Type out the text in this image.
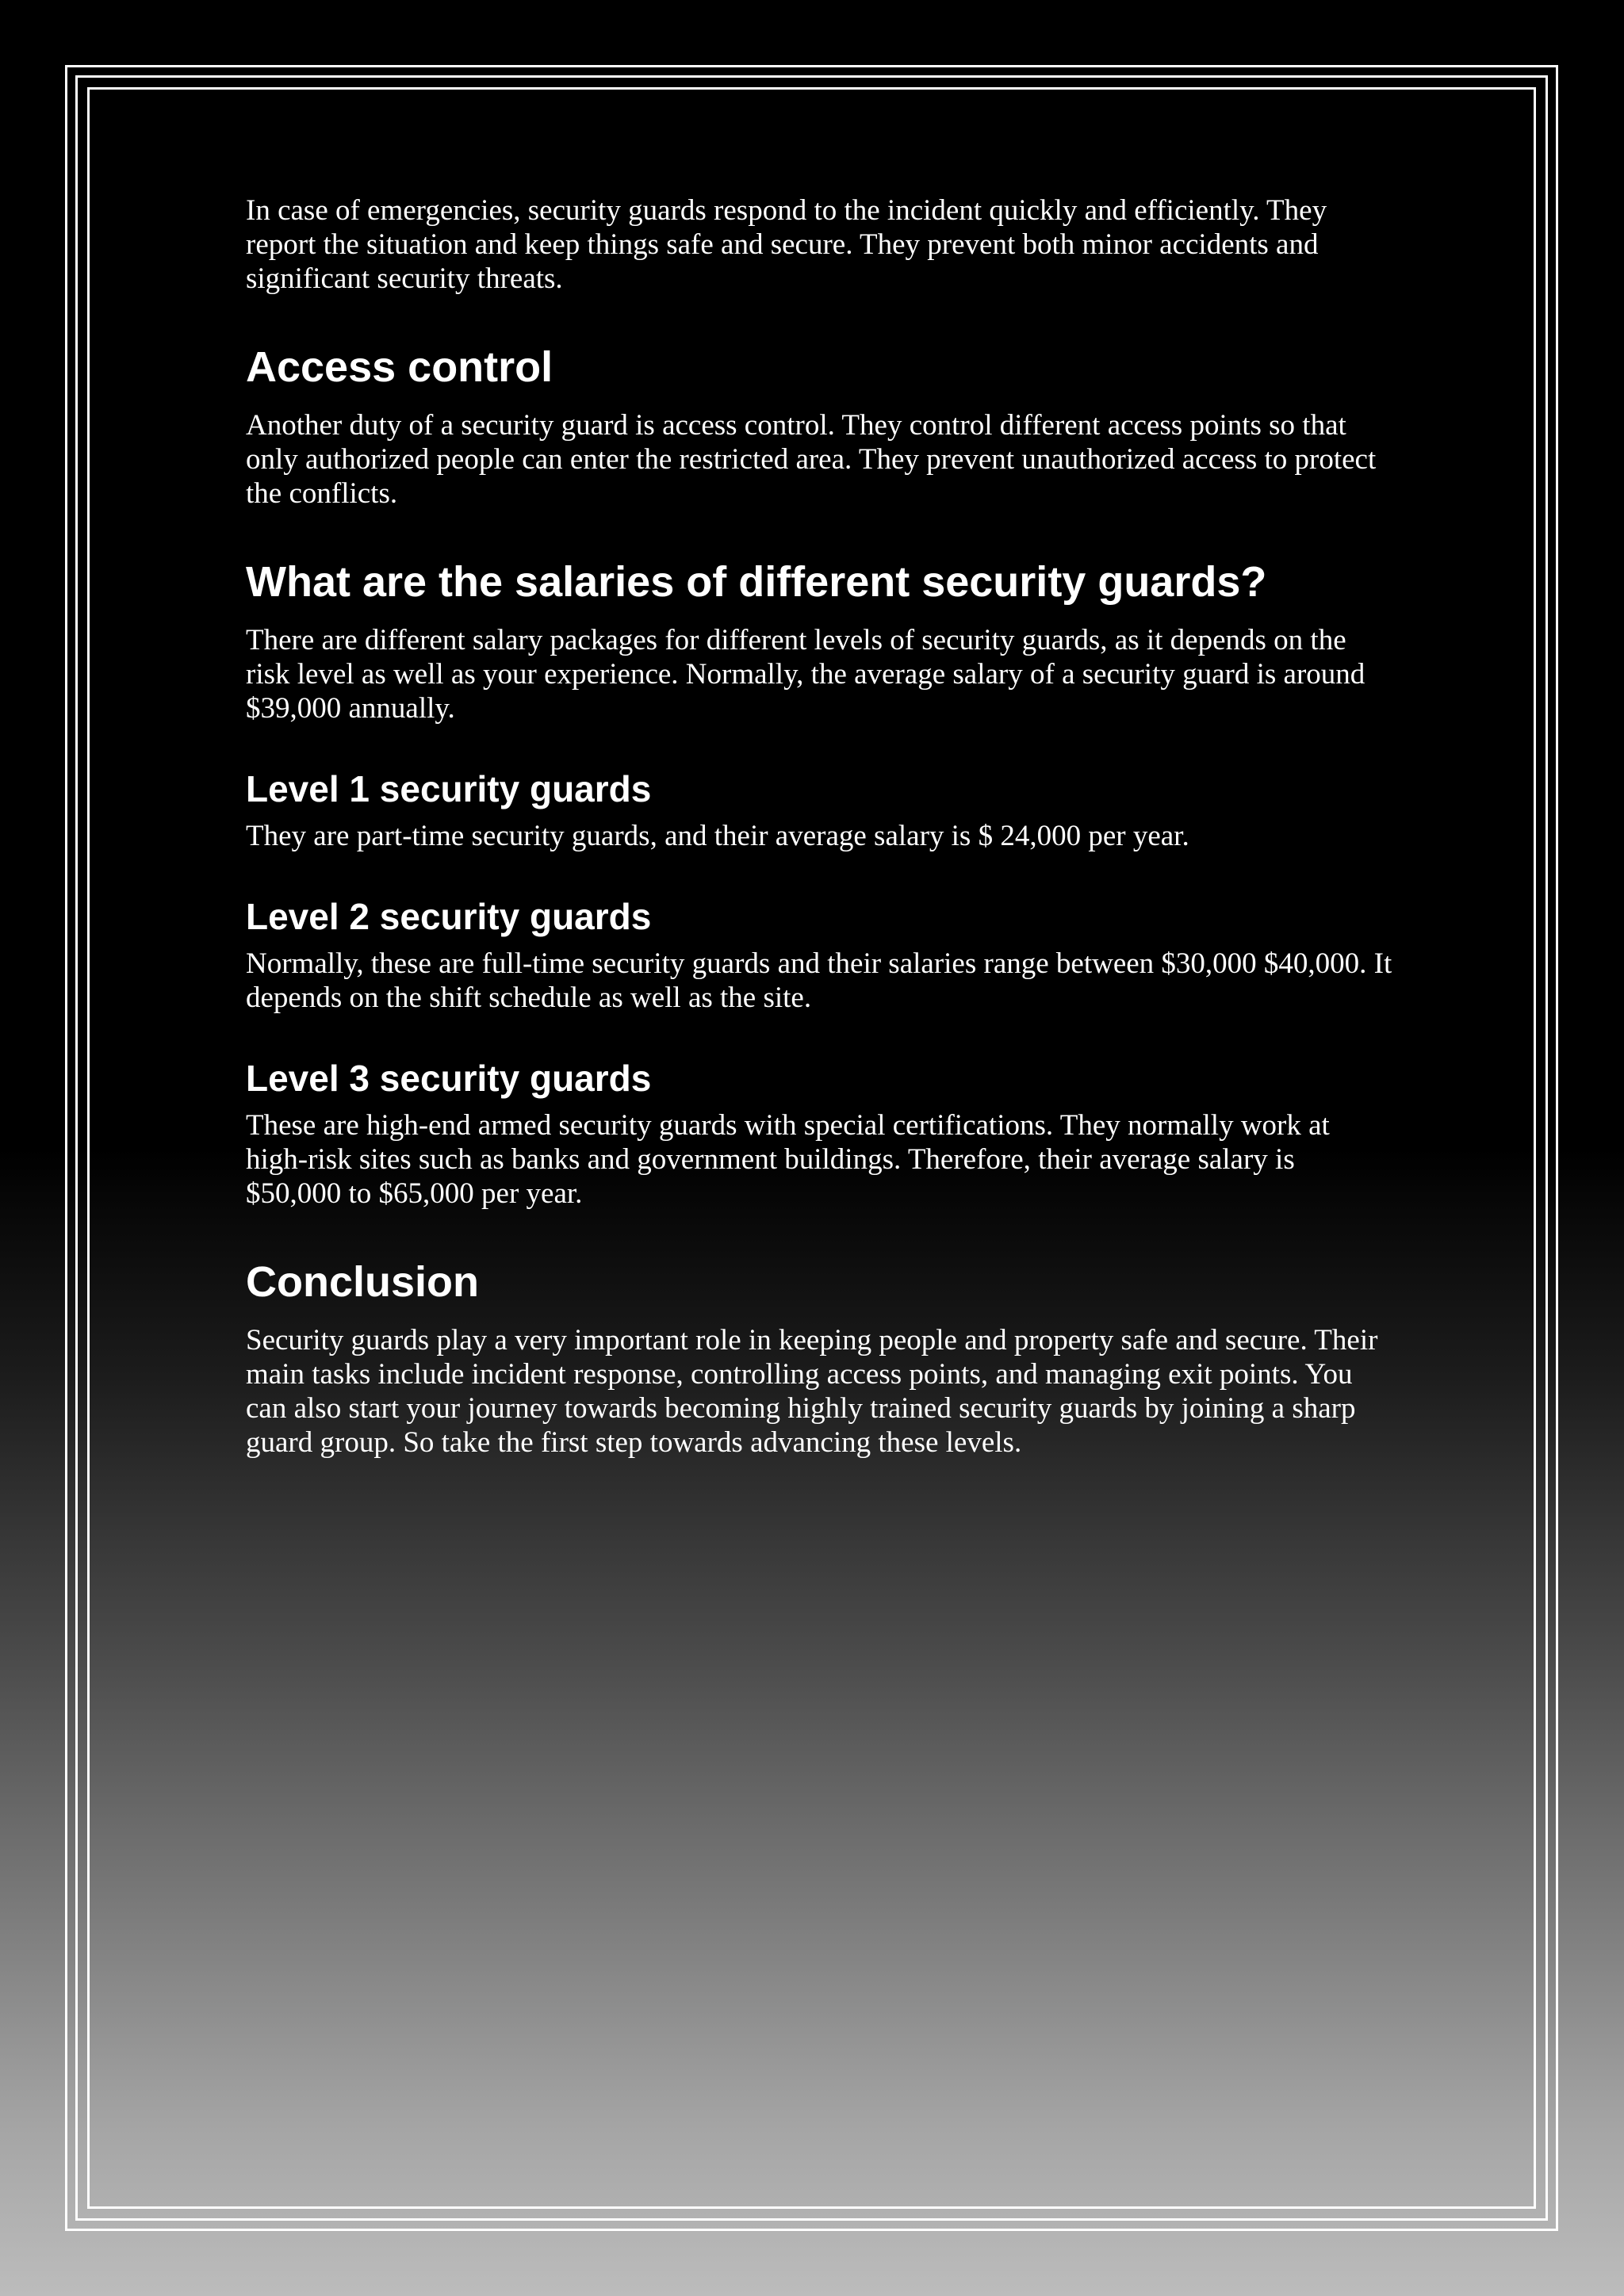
In case of emergencies, security guards respond to the incident quickly and efficiently. They report the situation and keep things safe and secure. They prevent both minor accidents and significant security threats.

Access control

Another duty of a security guard is access control. They control different access points so that only authorized people can enter the restricted area. They prevent unauthorized access to protect the conflicts.

What are the salaries of different security guards?

There are different salary packages for different levels of security guards, as it depends on the risk level as well as your experience. Normally, the average salary of a security guard is around $39,000 annually.

Level 1 security guards

They are part-time security guards, and their average salary is $ 24,000 per year.

Level 2 security guards

Normally, these are full-time security guards and their salaries range between $30,000 $40,000. It depends on the shift schedule as well as the site.

Level 3 security guards

These are high-end armed security guards with special certifications. They normally work at high-risk sites such as banks and government buildings. Therefore, their average salary is $50,000 to $65,000 per year.

Conclusion

Security guards play a very important role in keeping people and property safe and secure. Their main tasks include incident response, controlling access points, and managing exit points. You can also start your journey towards becoming highly trained security guards by joining a sharp guard group. So take the first step towards advancing these levels.
